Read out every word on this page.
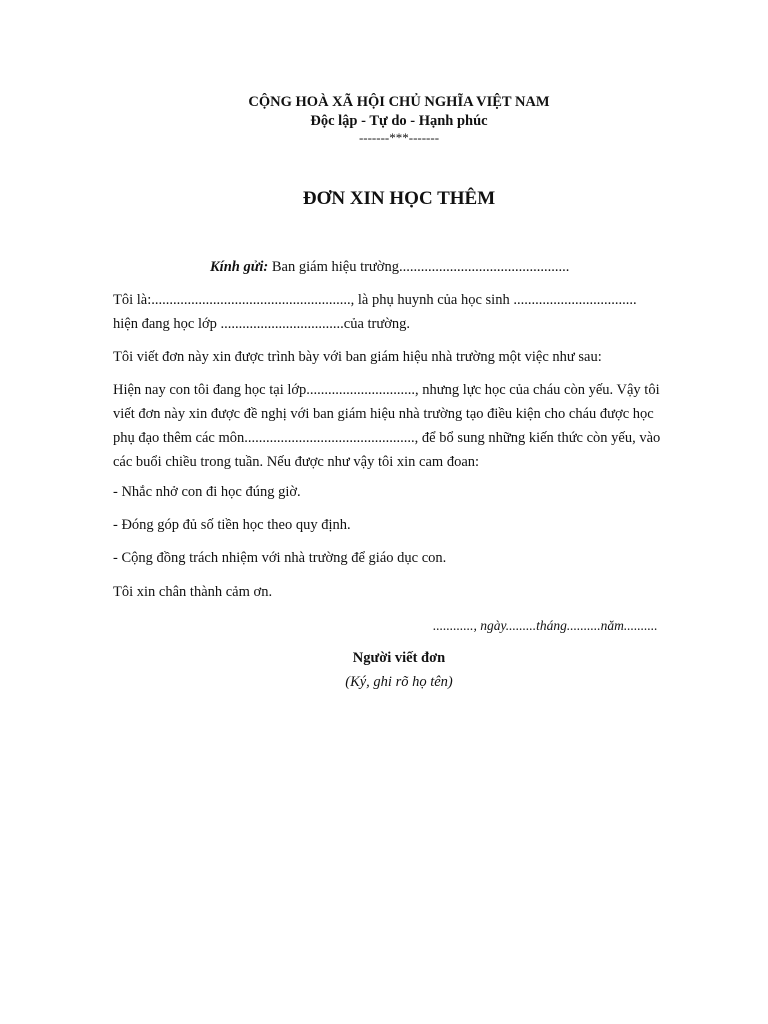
CỘNG HOÀ XÃ HỘI CHỦ NGHĨA VIỆT NAM
Độc lập - Tự do - Hạnh phúc
-------***-------
ĐƠN XIN HỌC THÊM
Kính gửi: Ban giám hiệu trường...............................................
Tôi là:......................................................., là phụ huynh của học sinh ..................................
hiện đang học lớp ..................................của trường.
Tôi viết đơn này xin được trình bày với ban giám hiệu nhà trường một việc như sau:
Hiện nay con tôi đang học tại lớp.............................., nhưng lực học của cháu còn yếu. Vậy tôi
viết đơn này xin được đề nghị với ban giám hiệu nhà trường tạo điều kiện cho cháu được học
phụ đạo thêm các môn..............................................., để bổ sung những kiến thức còn yếu, vào
các buổi chiều trong tuần. Nếu được như vậy tôi xin cam đoan:
- Nhắc nhở con đi học đúng giờ.
- Đóng góp đủ số tiền học theo quy định.
- Cộng đồng trách nhiệm với nhà trường để giáo dục con.
Tôi xin chân thành cảm ơn.
............, ngày.........tháng..........năm..........
Người viết đơn
(Ký, ghi rõ họ tên)
